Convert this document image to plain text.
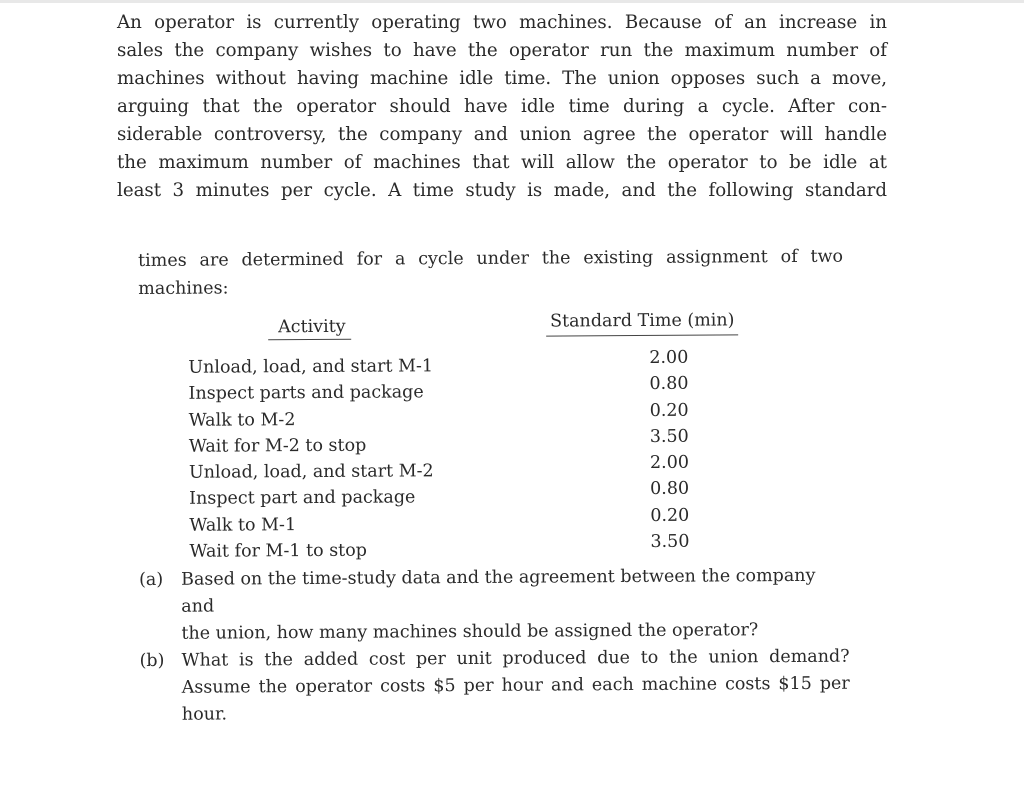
An operator is currently operating two machines. Because of an increase in
sales the company wishes to have the operator run the maximum number of
machines without having machine idle time. The union opposes such a move,
arguing that the operator should have idle time during a cycle. After con-
siderable controversy, the company and union agree the operator will handle
the maximum number of machines that will allow the operator to be idle at
least 3 minutes per cycle. A time study is made, and the following standard

times are determined for a cycle under the existing assignment of two
machines:

Activity	Standard Time (min)
Unload, load, and start M-1
Inspect parts and package
Walk to M-2
Wait for M-2 to stop
Unload, load, and start M-2
Inspect part and package
Walk to M-1
Wait for M-1 to stop
2.00
0.80
0.20
3.50
2.00
0.80
0.20
3.50
(a) Based on the time-study data and the agreement between the company and
the union, how many machines should be assigned the operator?
(b) What is the added cost per unit produced due to the union demand?
Assume the operator costs $5 per hour and each machine costs $15 per
hour.
